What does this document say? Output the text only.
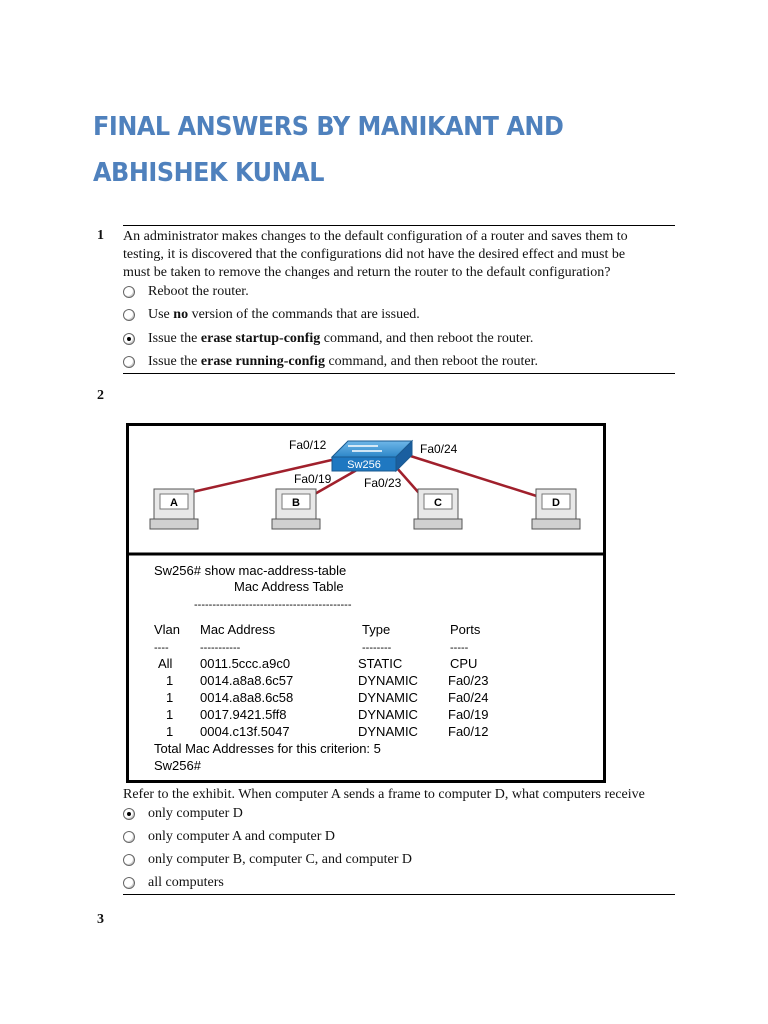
FINAL ANSWERS BY MANIKANT AND
ABHISHEK KUNAL
1 An administrator makes changes to the default configuration of a router and saves them to
testing, it is discovered that the configurations did not have the desired effect and must be
must be taken to remove the changes and return the router to the default configuration?
Reboot the router.
Use no version of the commands that are issued.
Issue the erase startup-config command, and then reboot the router.
Issue the erase running-config command, and then reboot the router.
2
Sw256
Fa0/12	Fa0/24
Fa0/19	Fa0/23
A	B	C	D
Sw256# show mac-address-table
Mac Address Table
-------------------------------------------
Vlan Mac Address	Type	Ports
----	-----------	--------	-----
All 0011.5ccc.a9c0	STATIC	CPU
1 0014.a8a8.6c57	DYNAMIC Fa0/23
1 0014.a8a8.6c58	DYNAMIC Fa0/24
1 0017.9421.5ff8	DYNAMIC Fa0/19
1 0004.c13f.5047	DYNAMIC Fa0/12
Total Mac Addresses for this criterion: 5
Sw256#
Refer to the exhibit. When computer A sends a frame to computer D, what computers receive
only computer D
only computer A and computer D
only computer B, computer C, and computer D
all computers
3
